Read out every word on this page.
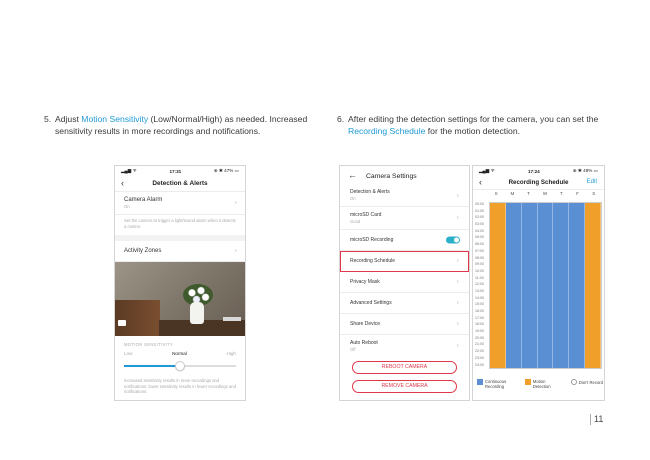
5. Adjust Motion Sensitivity (Low/Normal/High) as needed. Increased sensitivity results in more recordings and notifications.
6. After editing the detection settings for the camera, you can set the Recording Schedule for the motion detection.
▂▄▆ ᯤ	17:31	⊕ ✱ 47% ▭
‹	Detection & Alerts
Camera Alarm
On	›
Set the camera to trigger a light/sound alarm when it detects a motion.
Activity Zones	›
MOTION SENSITIVITY
Low	Normal	High
Increased sensitivity results in more recordings and notifications; lower sensitivity results in fewer recordings and notifications.
← Camera Settings
Detection & Alerts
On	›
microSD Card
Good	›
microSD Recording
Recording Schedule	›
Privacy Mask	›
Advanced Settings	›
Share Device	›
Auto Reboot
Off	›
REBOOT CAMERA
REMOVE CAMERA
▂▄▆ ᯤ	17:24	⊕ ✱ 49% ▭
‹	Recording Schedule	Edit
S	M	T	W	T	F	S
00:00
01:00
02:00
03:00
04:00
05:00
06:00
07:00
08:00
09:00
10:00
11:00
12:00
13:00
14:00
15:00
16:00
17:00
18:00
19:00
20:00
21:00
22:00
23:00
24:00
Continuous Recording
Motion Detection
Don't Record
11
